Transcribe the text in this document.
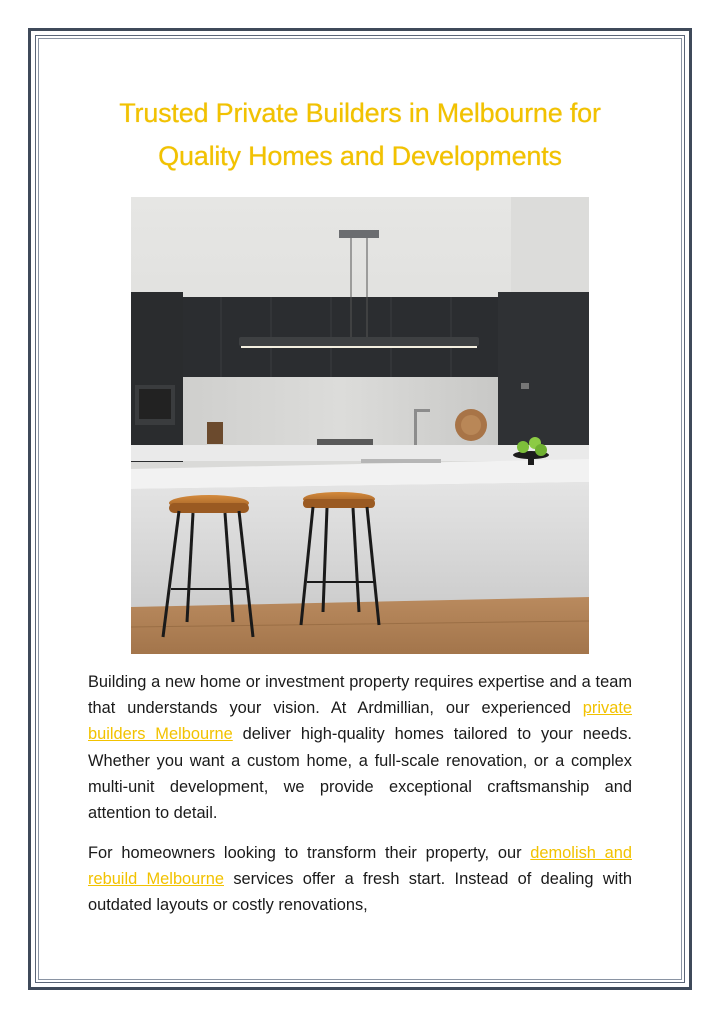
Trusted Private Builders in Melbourne for
Quality Homes and Developments

Building a new home or investment property requires expertise and a team that understands your vision. At Ardmillian, our experienced private builders Melbourne deliver high-quality homes tailored to your needs. Whether you want a custom home, a full-scale renovation, or a complex multi-unit development, we provide exceptional craftsmanship and attention to detail.

For homeowners looking to transform their property, our demolish and rebuild Melbourne services offer a fresh start. Instead of dealing with outdated layouts or costly renovations,
